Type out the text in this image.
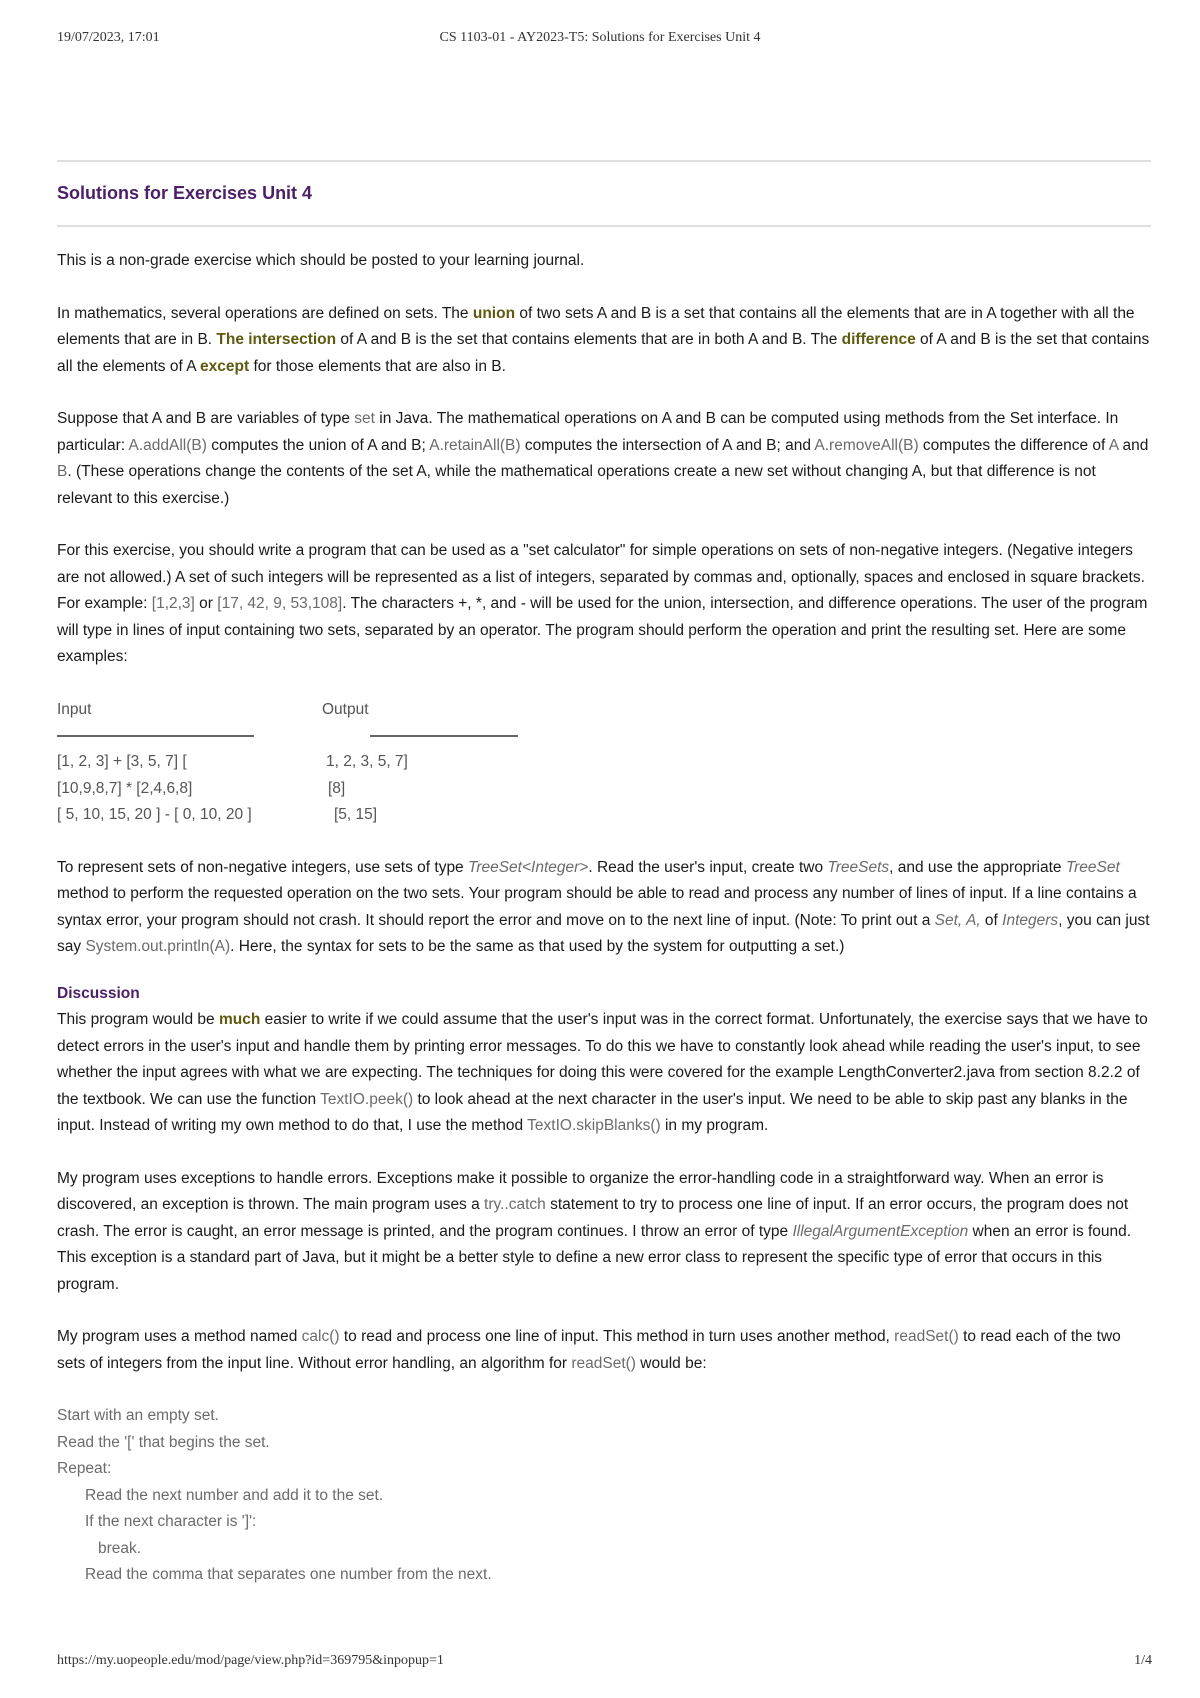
19/07/2023, 17:01	CS 1103-01 - AY2023-T5: Solutions for Exercises Unit 4
Solutions for Exercises Unit 4

This is a non-grade exercise which should be posted to your learning journal.

In mathematics, several operations are defined on sets. The union of two sets A and B is a set that contains all the elements that are in A together with all the elements that are in B. The intersection of A and B is the set that contains elements that are in both A and B. The difference of A and B is the set that contains all the elements of A except for those elements that are also in B.

Suppose that A and B are variables of type set in Java. The mathematical operations on A and B can be computed using methods from the Set interface. In particular: A.addAll(B) computes the union of A and B; A.retainAll(B) computes the intersection of A and B; and A.removeAll(B) computes the difference of A and B. (These operations change the contents of the set A, while the mathematical operations create a new set without changing A, but that difference is not relevant to this exercise.)

For this exercise, you should write a program that can be used as a "set calculator" for simple operations on sets of non-negative integers. (Negative integers are not allowed.) A set of such integers will be represented as a list of integers, separated by commas and, optionally, spaces and enclosed in square brackets. For example: [1,2,3] or [17, 42, 9, 53,108]. The characters +, *, and - will be used for the union, intersection, and difference operations. The user of the program will type in lines of input containing two sets, separated by an operator. The program should perform the operation and print the resulting set. Here are some examples:

Input	Output
[1, 2, 3] + [3, 5, 7] [	1, 2, 3, 5, 7]
[10,9,8,7] * [2,4,6,8]	[8]
[ 5, 10, 15, 20 ] - [ 0, 10, 20 ]	[5, 15]

To represent sets of non-negative integers, use sets of type TreeSet<Integer>. Read the user's input, create two TreeSets, and use the appropriate TreeSet method to perform the requested operation on the two sets. Your program should be able to read and process any number of lines of input. If a line contains a syntax error, your program should not crash. It should report the error and move on to the next line of input. (Note: To print out a Set, A, of Integers, you can just say System.out.println(A). Here, the syntax for sets to be the same as that used by the system for outputting a set.)

Discussion

This program would be much easier to write if we could assume that the user's input was in the correct format. Unfortunately, the exercise says that we have to detect errors in the user's input and handle them by printing error messages. To do this we have to constantly look ahead while reading the user's input, to see whether the input agrees with what we are expecting. The techniques for doing this were covered for the example LengthConverter2.java from section 8.2.2 of the textbook. We can use the function TextIO.peek() to look ahead at the next character in the user's input. We need to be able to skip past any blanks in the input. Instead of writing my own method to do that, I use the method TextIO.skipBlanks() in my program.

My program uses exceptions to handle errors. Exceptions make it possible to organize the error-handling code in a straightforward way. When an error is discovered, an exception is thrown. The main program uses a try..catch statement to try to process one line of input. If an error occurs, the program does not crash. The error is caught, an error message is printed, and the program continues. I throw an error of type IllegalArgumentException when an error is found. This exception is a standard part of Java, but it might be a better style to define a new error class to represent the specific type of error that occurs in this program.

My program uses a method named calc() to read and process one line of input. This method in turn uses another method, readSet() to read each of the two sets of integers from the input line. Without error handling, an algorithm for readSet() would be:

Start with an empty set.
Read the '[' that begins the set.
Repeat:
Read the next number and add it to the set.
If the next character is ']':
break.
Read the comma that separates one number from the next.
https://my.uopeople.edu/mod/page/view.php?id=369795&inpopup=1	1/4
